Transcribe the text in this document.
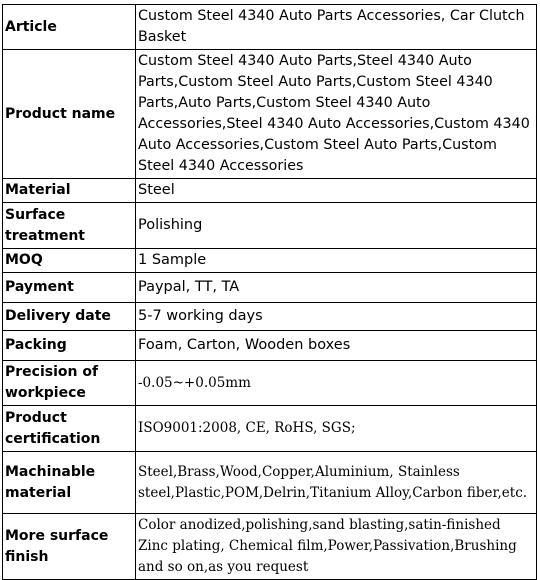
Article	Custom Steel 4340 Auto Parts Accessories, Car Clutch Basket
Product name	Custom Steel 4340 Auto Parts,Steel 4340 Auto Parts,Custom Steel Auto Parts,Custom Steel 4340 Parts,Auto Parts,Custom Steel 4340 Auto Accessories,Steel 4340 Auto Accessories,Custom 4340 Auto Accessories,Custom Steel Auto Parts,Custom Steel 4340 Accessories
Material	Steel
Surface treatment	Polishing
MOQ	1 Sample
Payment	Paypal, TT, TA
Delivery date	5-7 working days
Packing	Foam, Carton, Wooden boxes
Precision of workpiece	-0.05~+0.05mm
Product certification	ISO9001:2008, CE, RoHS, SGS;
Machinable material	Steel,Brass,Wood,Copper,Aluminium, Stainless steel,Plastic,POM,Delrin,Titanium Alloy,Carbon fiber,etc.
More surface finish	Color anodized,polishing,sand blasting,satin-finished Zinc plating, Chemical film,Power,Passivation,Brushing and so on,as you request
